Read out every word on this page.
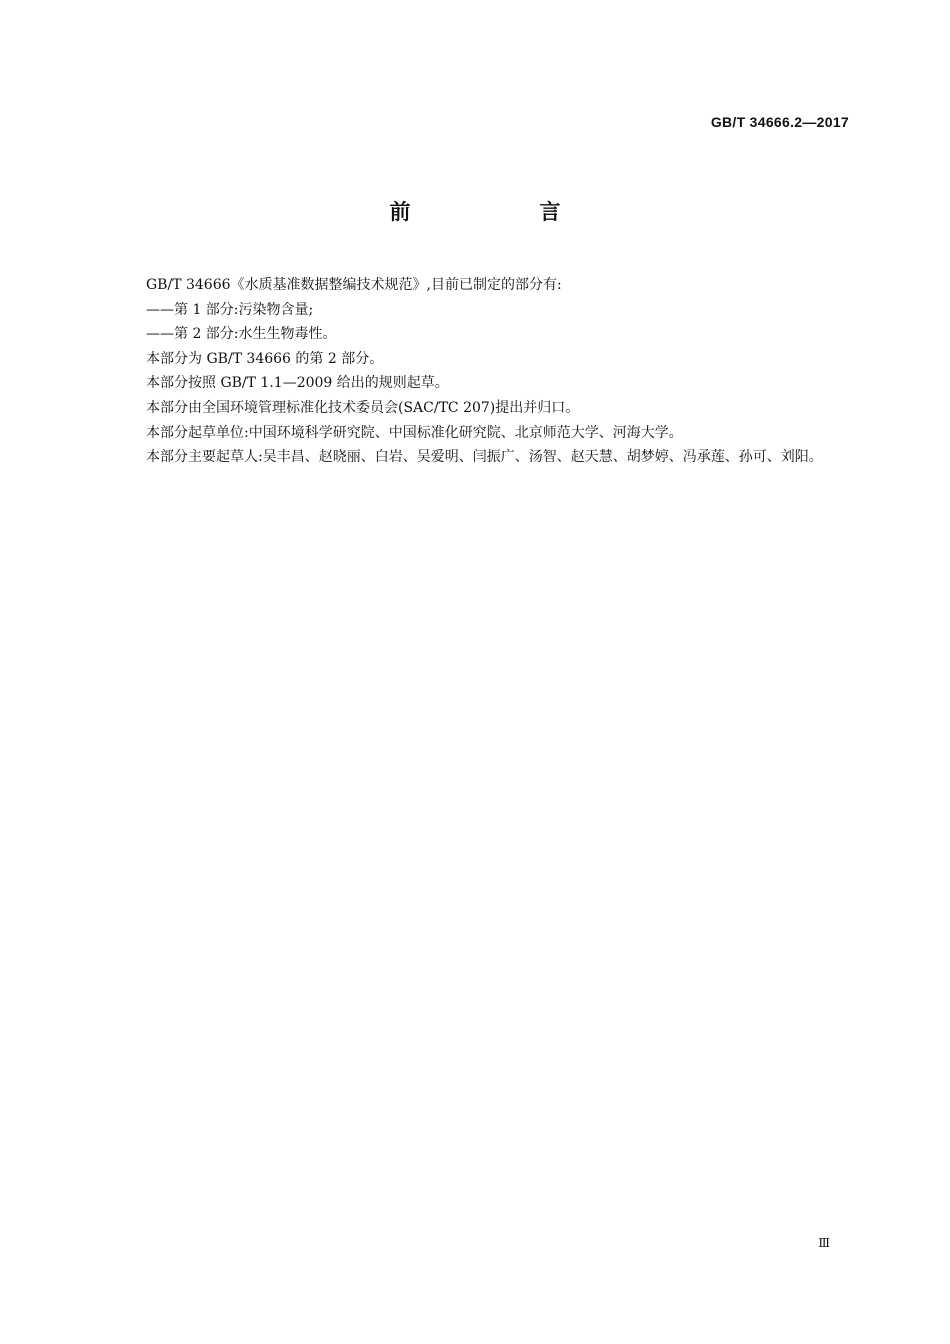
GB/T 34666.2—2017
前　言

GB/T 34666《水质基准数据整编技术规范》,目前已制定的部分有:

——第 1 部分:污染物含量;

——第 2 部分:水生生物毒性。

本部分为 GB/T 34666 的第 2 部分。

本部分按照 GB/T 1.1—2009 给出的规则起草。

本部分由全国环境管理标准化技术委员会(SAC/TC 207)提出并归口。

本部分起草单位:中国环境科学研究院、中国标准化研究院、北京师范大学、河海大学。

本部分主要起草人:吴丰昌、赵晓丽、白岩、吴爱明、闫振广、汤智、赵天慧、胡梦婷、冯承莲、孙可、刘阳。

Ⅲ
